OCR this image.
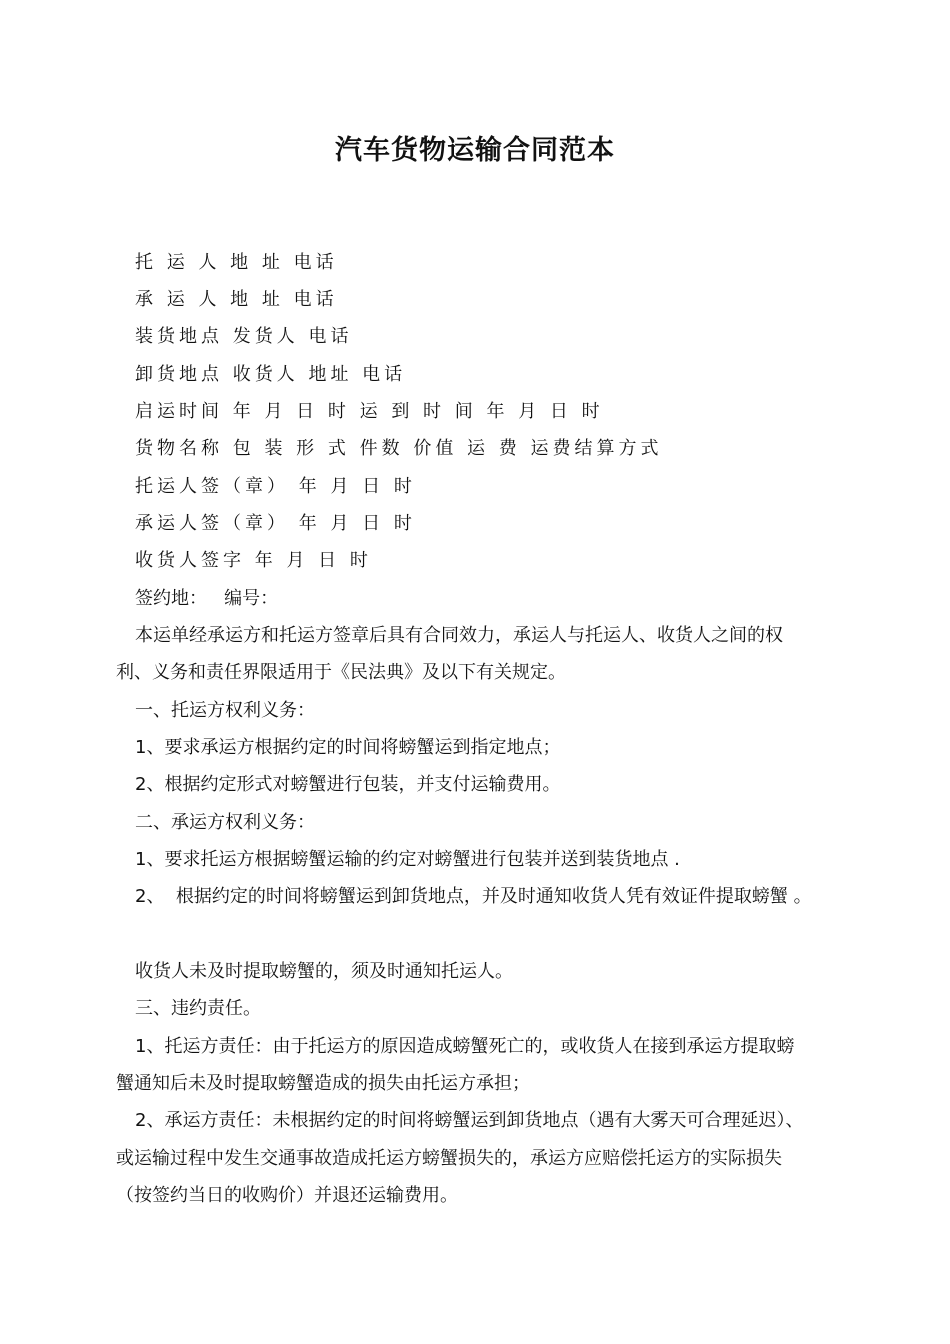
汽车货物运输合同范本

托 运 人 地 址 电话

承 运 人 地 址 电话

装货地点 发货人 电话

卸货地点 收货人 地址 电话

启运时间 年 月 日 时 运 到 时 间 年 月 日 时

货物名称 包 装 形 式 件数 价值 运 费 运费结算方式

托运人签（章） 年 月 日 时

承运人签（章） 年 月 日 时

收货人签字 年 月 日 时

签约地：   编号：

本运单经承运方和托运方签章后具有合同效力，承运人与托运人、收货人之间的权

利、义务和责任界限适用于《民法典》及以下有关规定。

一、托运方权利义务：

1、要求承运方根据约定的时间将螃蟹运到指定地点；

2、根据约定形式对螃蟹进行包装，并支付运输费用。

二、承运方权利义务：

1、要求托运方根据螃蟹运输的约定对螃蟹进行包装并送到装货地点 .

2、  根据约定的时间将螃蟹运到卸货地点，并及时通知收货人凭有效证件提取螃蟹 。

收货人未及时提取螃蟹的，须及时通知托运人。

三、违约责任。

1、托运方责任：由于托运方的原因造成螃蟹死亡的，或收货人在接到承运方提取螃

蟹通知后未及时提取螃蟹造成的损失由托运方承担；

2、承运方责任：未根据约定的时间将螃蟹运到卸货地点（遇有大雾天可合理延迟）、

或运输过程中发生交通事故造成托运方螃蟹损失的，承运方应赔偿托运方的实际损失

（按签约当日的收购价）并退还运输费用。
